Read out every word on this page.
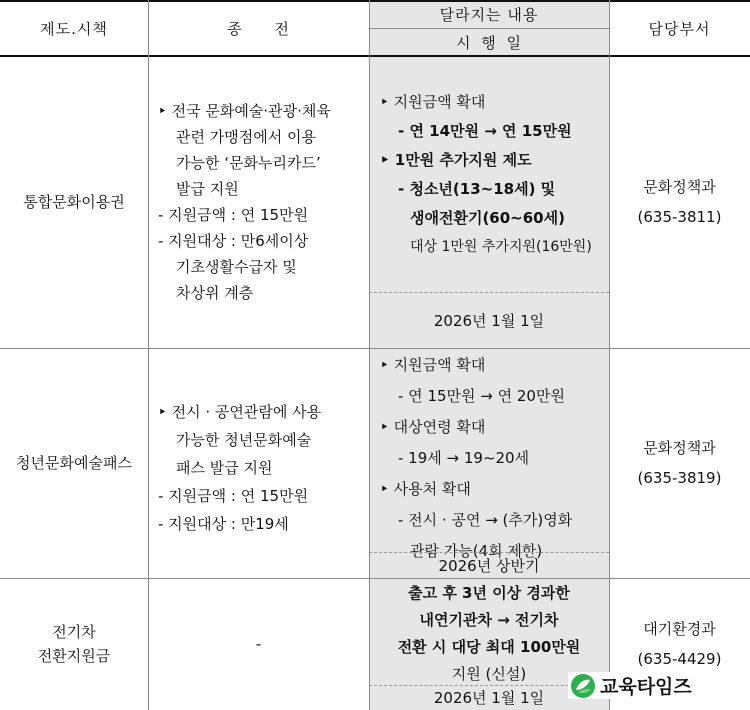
제도.시책	종 전
달라지는 내용
시 행 일
담당부서
통합문화이용권
‣ 전국 문화예술‧관광‧체육
관련 가맹점에서 이용
가능한 ‘문화누리카드’
발급 지원
- 지원금액 : 연 15만원
- 지원대상 : 만6세이상
기초생활수급자 및
차상위 계층
‣ 지원금액 확대
- 연 14만원 → 연 15만원
‣ 1만원 추가지원 제도
- 청소년(13~18세) 및
생애전환기(60~60세)
대상 1만원 추가지원(16만원)
2026년 1월 1일
문화정책과
(635-3811)
청년문화예술패스
‣ 전시 · 공연관람에 사용
가능한 청년문화예술
패스 발급 지원
- 지원금액 : 연 15만원
- 지원대상 : 만19세
‣ 지원금액 확대
- 연 15만원 → 연 20만원
‣ 대상연령 확대
- 19세 → 19~20세
‣ 사용처 확대
- 전시 · 공연 → (추가)영화
관람 가능(4회 제한)
2026년 상반기
문화정책과
(635-3819)
전기차
전환지원금
-
출고 후 3년 이상 경과한
내연기관차 → 전기차
전환 시 대당 최대 100만원
지원 (신설)
2026년 1월 1일
대기환경과
(635-4429)
교육타임즈
